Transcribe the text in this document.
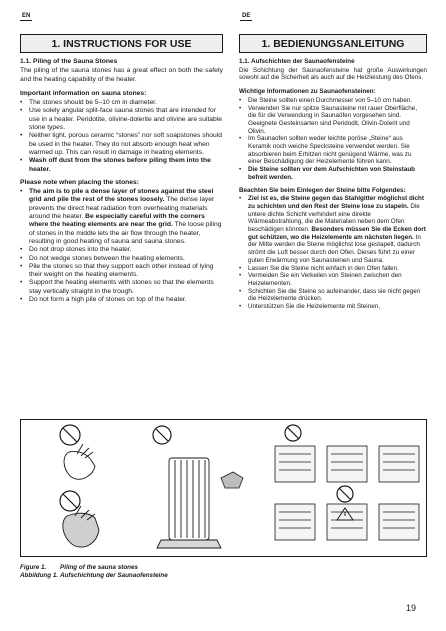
EN	DE
1. INSTRUCTIONS FOR USE	1. BEDIENUNGSANLEITUNG
1.1. Piling of the Sauna Stones
The piling of the sauna stones has a great effect on both the safety and the heating capability of the heater.
Important information on sauna stones:
• The stones should be 5–10 cm in diameter.
• Use solely angular split-face sauna stones that are intended for use in a heater. Peridotite, olivine-dolerite and olivine are suitable stone types.
• Neither light, porous ceramic “stones” nor soft soapstones should be used in the heater. They do not absorb enough heat when warmed up. This can result in damage in heating elements.
• Wash off dust from the stones before piling them into the heater.
Please note when placing the stones:
• The aim is to pile a dense layer of stones against the steel grid and pile the rest of the stones loosely. The dense layer prevents the direct heat radiation from overheating materials around the heater. Be especially careful with the corners where the heating elements are near the grid. The loose piling of stones in the middle lets the air flow through the heater, resulting in good heating of sauna and sauna stones.
• Do not drop stones into the heater.
• Do not wedge stones between the heating elements.
• Pile the stones so that they support each other instead of lying their weight on the heating elements.
• Support the heating elements with stones so that the elements stay vertically straight in the trough.
• Do not form a high pile of stones on top of the heater.
1.1. Aufschichten der Saunaofensteine
Die Schichtung der Saunaofensteine hat große Auswirkungen sowohl auf die Sicherheit als auch auf die Heizleistung des Ofens.
Wichtige Informationen zu Saunaofensteinen:
• Die Steine sollten einen Durchmesser von 5–10 cm haben.
• Verwenden Sie nur spitze Saunasteine mit rauer Oberfläche, die für die Verwendung in Saunaöfen vorgesehen sind. Geeignete Gesteinsarten sind Peridodit, Olivin-Dolerit und Olivin.
• Im Saunaofen sollten weder leichte poröse „Steine“ aus Keramik noch weiche Specksteine verwendet werden. Sie absorbieren beim Erhitzen nicht genügend Wärme, was zu einer Beschädigung der Heizelemente führen kann.
• Die Steine sollten vor dem Aufschichten von Steinstaub befreit werden.
Beachten Sie beim Einlegen der Steine bitte Folgendes:
• Ziel ist es, die Steine gegen das Stahlgitter möglichst dicht zu schichten und den Rest der Steine lose zu stapeln. Die untere dichte Schicht verhindert eine direkte Wärmeabstrahlung, die die Materialien neben dem Ofen beschädigen könnten. Besonders müssen Sie die Ecken dort gut schützen, wo die Heizelemente am nächsten liegen. In der Mitte werden die Steine möglichst lose gestapelt, dadurch strömt die Luft besser durch den Ofen. Dieses führt zu einer guten Erwärmung von Saunasteinen und Sauna.
• Lassen Sie die Steine nicht einfach in den Ofen fallen.
• Vermeiden Sie ein Verkeilen von Steinen zwischen den Heizelementen.
• Schichten Sie die Steine so aufeinander, dass sie nicht gegen die Heizelemente drücken.
• Unterstützen Sie die Heizelemente mit Steinen,
Figure 1. Piling of the sauna stones
Abbildung 1. Aufschichtung der Saunaofensteine
19
